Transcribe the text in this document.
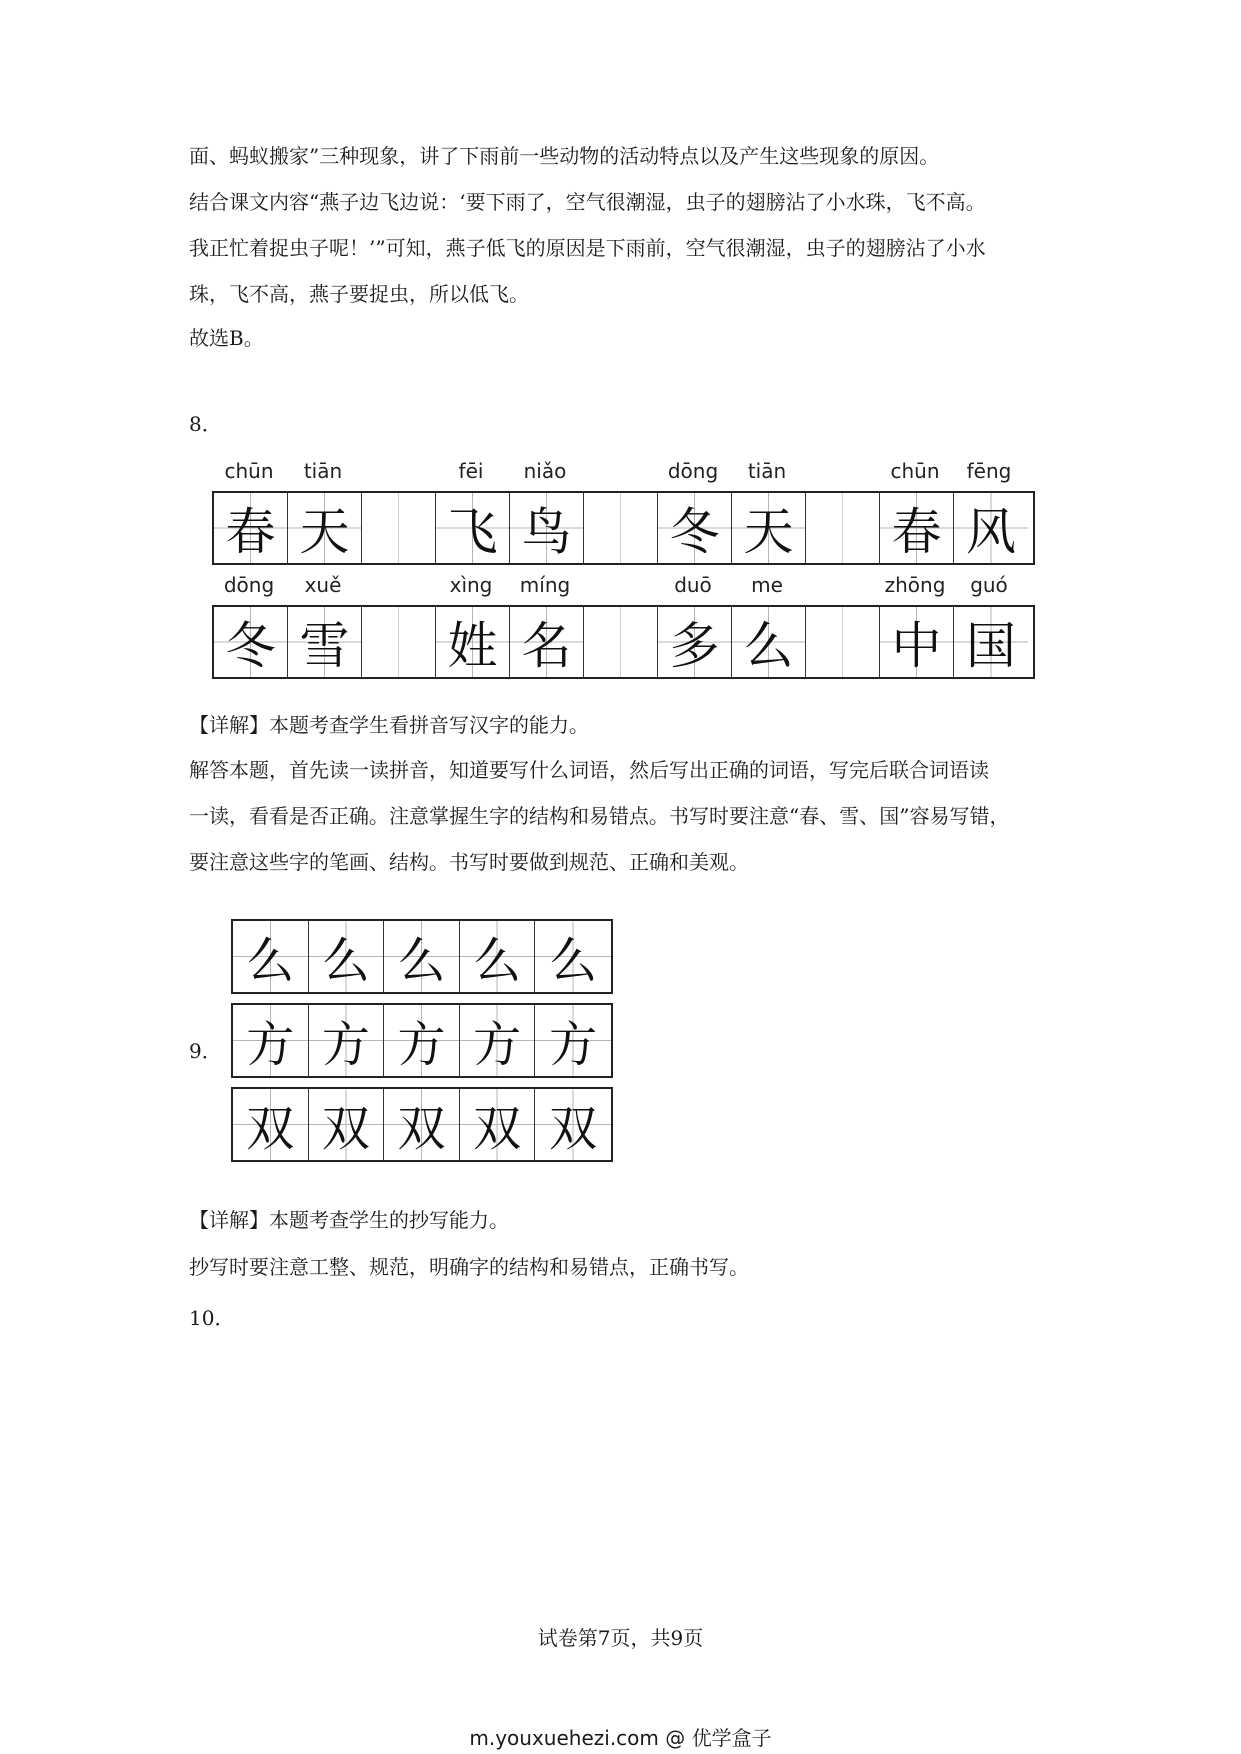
面、蚂蚁搬家”三种现象，讲了下雨前一些动物的活动特点以及产生这些现象的原因。

结合课文内容“燕子边飞边说：‘要下雨了，空气很潮湿，虫子的翅膀沾了小水珠，飞不高。

我正忙着捉虫子呢！’”可知，燕子低飞的原因是下雨前，空气很潮湿，虫子的翅膀沾了小水

珠，飞不高，燕子要捉虫，所以低飞。

故选B。

8．

chūn	tiān	fēi	niǎo	dōng	tiān	chūn	fēng
春 天 飞 鸟 冬 天 春 风
dōng	xuě	xìng	míng	duō	me	zhōng	guó
冬 雪 姓 名 多 么 中 国

【详解】本题考查学生看拼音写汉字的能力。

解答本题，首先读一读拼音，知道要写什么词语，然后写出正确的词语，写完后联合词语读

一读，看看是否正确。注意掌握生字的结构和易错点。书写时要注意“春、雪、国”容易写错，

要注意这些字的笔画、结构。书写时要做到规范、正确和美观。

9．

么 么 么 么 么
方 方 方 方 方
双 双 双 双 双

【详解】本题考查学生的抄写能力。

抄写时要注意工整、规范，明确字的结构和易错点，正确书写。

10．

试卷第7页，共9页

m.youxuehezi.com @ 优学盒子
